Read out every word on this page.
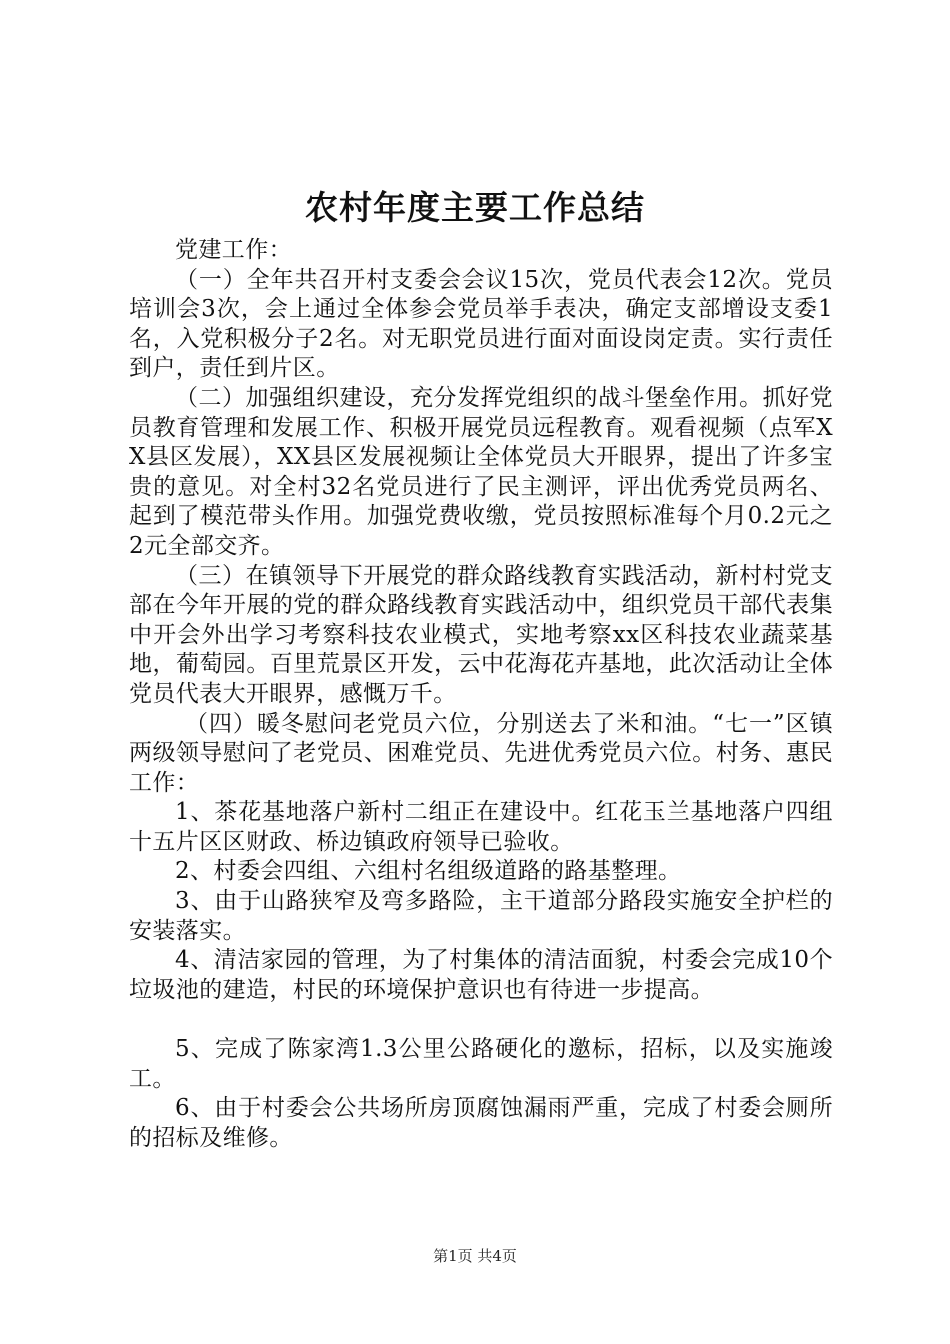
农村年度主要工作总结

党建工作：

（一）全年共召开村支委会会议15次，党员代表会12次。党员培训会3次，会上通过全体参会党员举手表决，确定支部增设支委1名，入党积极分子2名。对无职党员进行面对面设岗定责。实行责任到户，责任到片区。

（二）加强组织建设，充分发挥党组织的战斗堡垒作用。抓好党员教育管理和发展工作、积极开展党员远程教育。观看视频（点军XX县区发展），XX县区发展视频让全体党员大开眼界，提出了许多宝贵的意见。对全村32名党员进行了民主测评，评出优秀党员两名、起到了模范带头作用。加强党费收缴，党员按照标准每个月0.2元之2元全部交齐。

（三）在镇领导下开展党的群众路线教育实践活动，新村村党支部在今年开展的党的群众路线教育实践活动中，组织党员干部代表集中开会外出学习考察科技农业模式，实地考察xx区科技农业蔬菜基地，葡萄园。百里荒景区开发，云中花海花卉基地，此次活动让全体党员代表大开眼界，感慨万千。

（四）暖冬慰问老党员六位，分别送去了米和油。“七一”区镇两级领导慰问了老党员、困难党员、先进优秀党员六位。村务、惠民工作：

1、茶花基地落户新村二组正在建设中。红花玉兰基地落户四组十五片区区财政、桥边镇政府领导已验收。

2、村委会四组、六组村名组级道路的路基整理。

3、由于山路狭窄及弯多路险，主干道部分路段实施安全护栏的安装落实。

4、清洁家园的管理，为了村集体的清洁面貌，村委会完成10个垃圾池的建造，村民的环境保护意识也有待进一步提高。

5、完成了陈家湾1.3公里公路硬化的邀标，招标，以及实施竣工。

6、由于村委会公共场所房顶腐蚀漏雨严重，完成了村委会厕所的招标及维修。

第1页 共4页
